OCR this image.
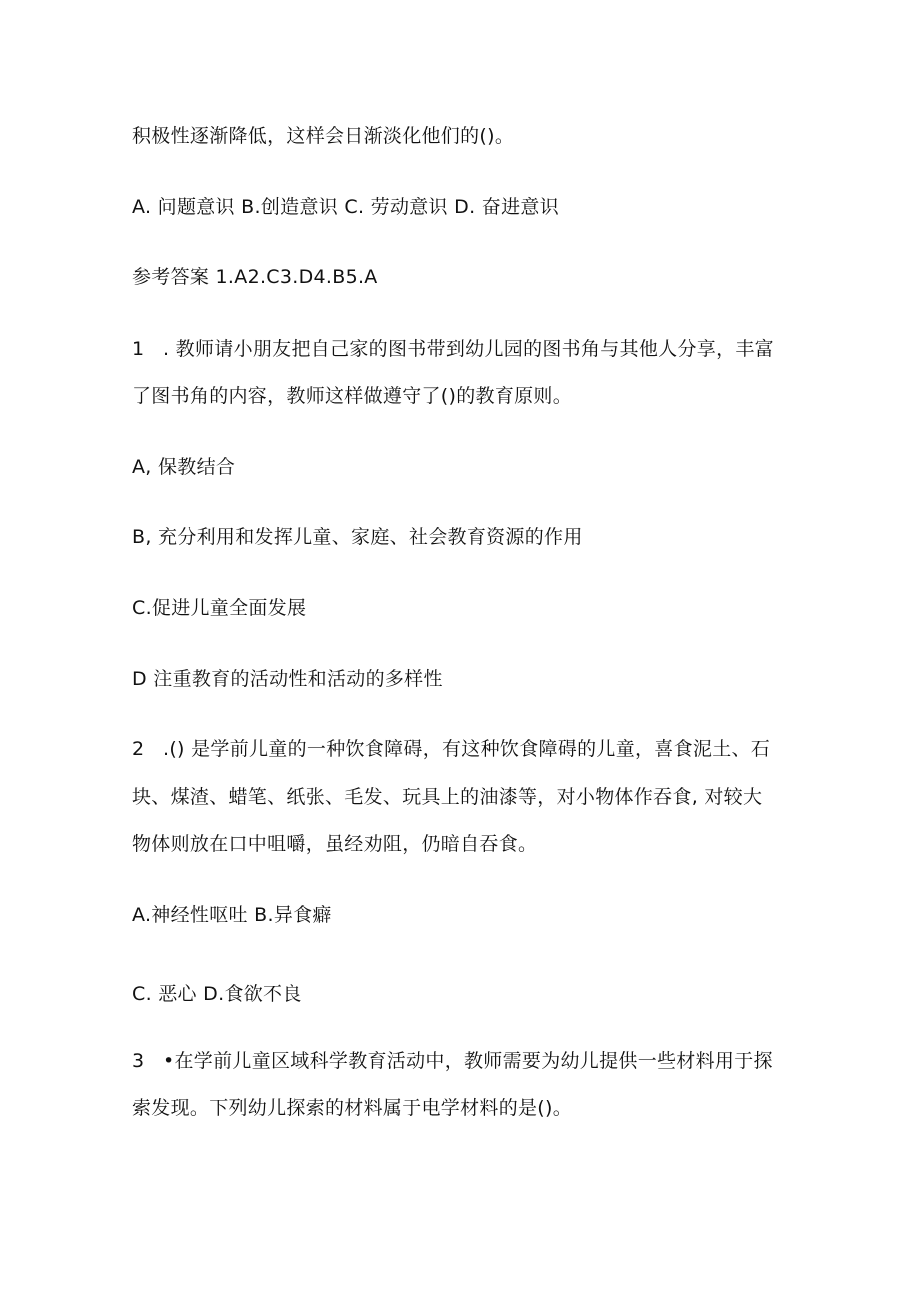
积极性逐渐降低，这样会日渐淡化他们的()。
A. 问题意识 B.创造意识 C. 劳动意识 D. 奋进意识
参考答案 1.A2.C3.D4.B5.A
1 . 教师请小朋友把自己家的图书带到幼儿园的图书角与其他人分享，丰富
了图书角的内容，教师这样做遵守了()的教育原则。
A, 保教结合
B, 充分利用和发挥儿童、家庭、社会教育资源的作用
C.促进儿童全面发展
D 注重教育的活动性和活动的多样性
2 .() 是学前儿童的一种饮食障碍，有这种饮食障碍的儿童，喜食泥土、石
块、煤渣、蜡笔、纸张、毛发、玩具上的油漆等，对小物体作吞食, 对较大
物体则放在口中咀嚼，虽经劝阻，仍暗自吞食。
A.神经性呕吐 B.异食癖
C. 恶心 D.食欲不良
3 •在学前儿童区域科学教育活动中，教师需要为幼儿提供一些材料用于探
索发现。下列幼儿探索的材料属于电学材料的是()。
